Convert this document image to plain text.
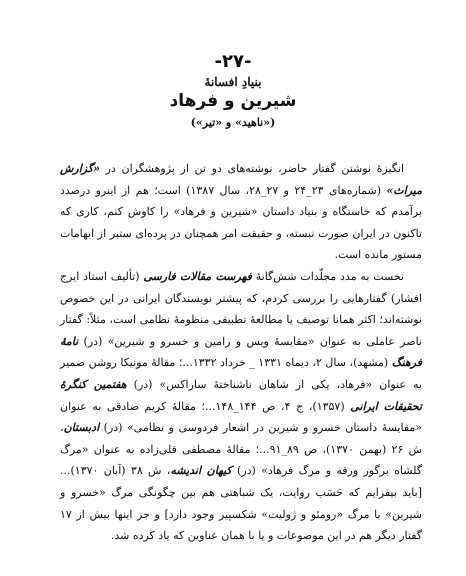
-۲۷-
بنیادِ افسانهٔ
شیرین و فرهاد
(«ناهید» و «تیر»)

انگیزهٔ نوشتن گفتار حاضر، نوشته‌های دو تن از پژوهشگران در «گزارش میراث» (شماره‌های ۲۳_۲۴ و ۲۷_۲۸، سال ۱۳۸۷) است؛ هم از اینرو درصدد برآمدم که خاستگاه و بنیاد داستان «شیرین و فرهاد» را کاوش کنم، کاری که تاکنون در ایران صورت نبسته، و حقیقت امر همچنان در پرده‌ای ستبر از ابهامات مستور مانده است.

نخست به مدد مجلّدات شش‌گانهٔ فهرست مقالات فارسی (تألیف استاد ایرج افشار) گفتارهایی را بررسی کردم، که پیشتر نویسندگان ایرانی در این خصوص نوشته‌اند؛ اکثر همانا توصیف یا مطالعهٔ تطبیقی منظومهٔ نظامی است، مثلاً: گفتار ناصر عاملی به عنوان «مقایسهٔ ویس و رامین و خسرو و شیرین» (در) نامهٔ فرهنگ (مشهد)، سال ۲، دیماه ۱۳۳۱ _ خرداد ۱۳۳۲...؛ مقالهٔ مونیکا روشن ضمیر به عنوان «فرهاد، یکی از شاهان ناشناختهٔ ساراکس» (در) هفتمین کنگرهٔ تحقیقات ایرانی (۱۳۵۷)، ج ۴، ص ۱۴۴_۱۴۸...؛ مقالهٔ کریم صادقی به عنوان «مقایسهٔ داستان خسرو و شیرین در اشعار فردوسی و نظامی» (در) ادبستان، ش ۲۶ (بهمن ۱۳۷۰)، ص ۸۹_۹۱...؛ مقالهٔ مصطفی قلی‌زاده به عنوان «مرگ گلشاه برگور ورقه و مرگ فرهاد» (در) کیهان اندیشه، ش ۳۸ (آبان ۱۳۷۰)... [باید بیفزایم که حَسَب روایت، یک شباهتی هم بین چگونگی مرگ «خسرو و شیرین» با مرگ «رومئو و ژولیت» شکسپیر وجود دارد] و جز اینها بیش از ۱۷ گفتار دیگر هم در این موضوعات و یا با همان عناوین که یاد کرده شد.
